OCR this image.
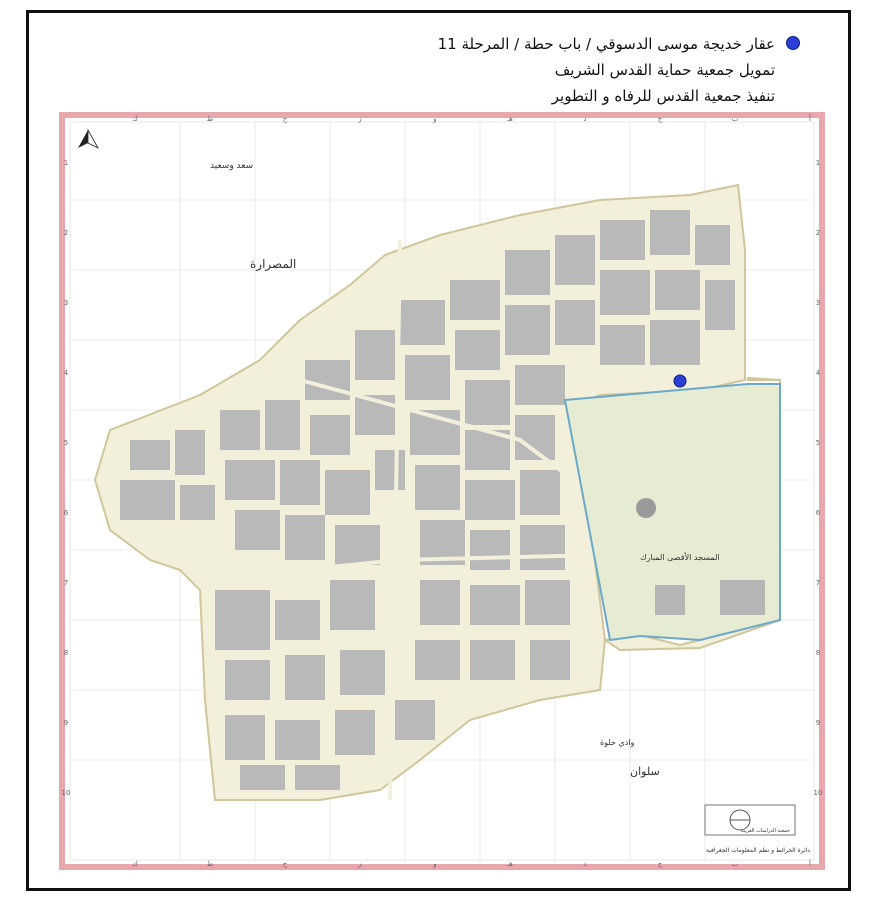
عقار خديجة موسى الدسوقي / باب حطة / المرحلة 11
تمويل جمعية حماية القدس الشريف
تنفيذ جمعية القدس للرفاه و التطوير
المصرارة
سعد وسعيد
سلوان
وادي حلوة
المسجد الأقصى المبارك
جمعية الدراسات العربية
دائرة الخرائط و نظم المعلومات الجغرافية
ك
ك
ط
ط
ح
ح
ز
ز
و
و
هـ
هـ
د
د
ج
ج
ب
ب
أ
أ
1	1
2	2
3	3
4	4
5	5
6	6
7	7
8	8
9	9
10	10
